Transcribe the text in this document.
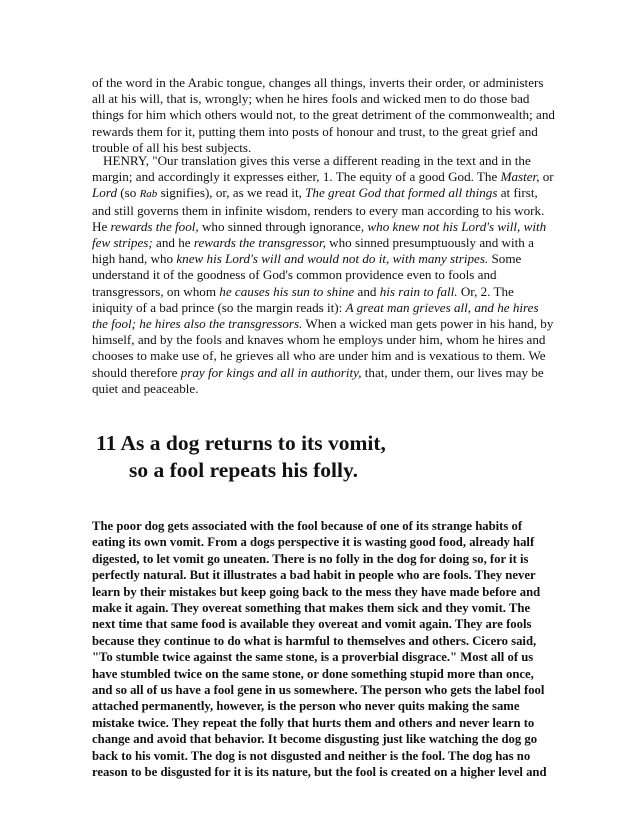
of the word in the Arabic tongue, changes all things, inverts their order, or administers all at his will, that is, wrongly; when he hires fools and wicked men to do those bad things for him which others would not, to the great detriment of the commonwealth; and rewards them for it, putting them into posts of honour and trust, to the great grief and trouble of all his best subjects.
HENRY, "Our translation gives this verse a different reading in the text and in the margin; and accordingly it expresses either, 1. The equity of a good God. The Master, or Lord (so Rab signifies), or, as we read it, The great God that formed all things at first, and still governs them in infinite wisdom, renders to every man according to his work. He rewards the fool, who sinned through ignorance, who knew not his Lord's will, with few stripes; and he rewards the transgressor, who sinned presumptuously and with a high hand, who knew his Lord's will and would not do it, with many stripes. Some understand it of the goodness of God's common providence even to fools and transgressors, on whom he causes his sun to shine and his rain to fall. Or, 2. The iniquity of a bad prince (so the margin reads it): A great man grieves all, and he hires the fool; he hires also the transgressors. When a wicked man gets power in his hand, by himself, and by the fools and knaves whom he employs under him, whom he hires and chooses to make use of, he grieves all who are under him and is vexatious to them. We should therefore pray for kings and all in authority, that, under them, our lives may be quiet and peaceable.
11 As a dog returns to its vomit,
so a fool repeats his folly.
The poor dog gets associated with the fool because of one of its strange habits of eating its own vomit. From a dogs perspective it is wasting good food, already half digested, to let vomit go uneaten. There is no folly in the dog for doing so, for it is perfectly natural. But it illustrates a bad habit in people who are fools. They never learn by their mistakes but keep going back to the mess they have made before and make it again. They overeat something that makes them sick and they vomit. The next time that same food is available they overeat and vomit again. They are fools because they continue to do what is harmful to themselves and others. Cicero said, "To stumble twice against the same stone, is a proverbial disgrace." Most all of us have stumbled twice on the same stone, or done something stupid more than once, and so all of us have a fool gene in us somewhere. The person who gets the label fool attached permanently, however, is the person who never quits making the same mistake twice. They repeat the folly that hurts them and others and never learn to change and avoid that behavior. It become disgusting just like watching the dog go back to his vomit. The dog is not disgusted and neither is the fool. The dog has no reason to be disgusted for it is its nature, but the fool is created on a higher level and
